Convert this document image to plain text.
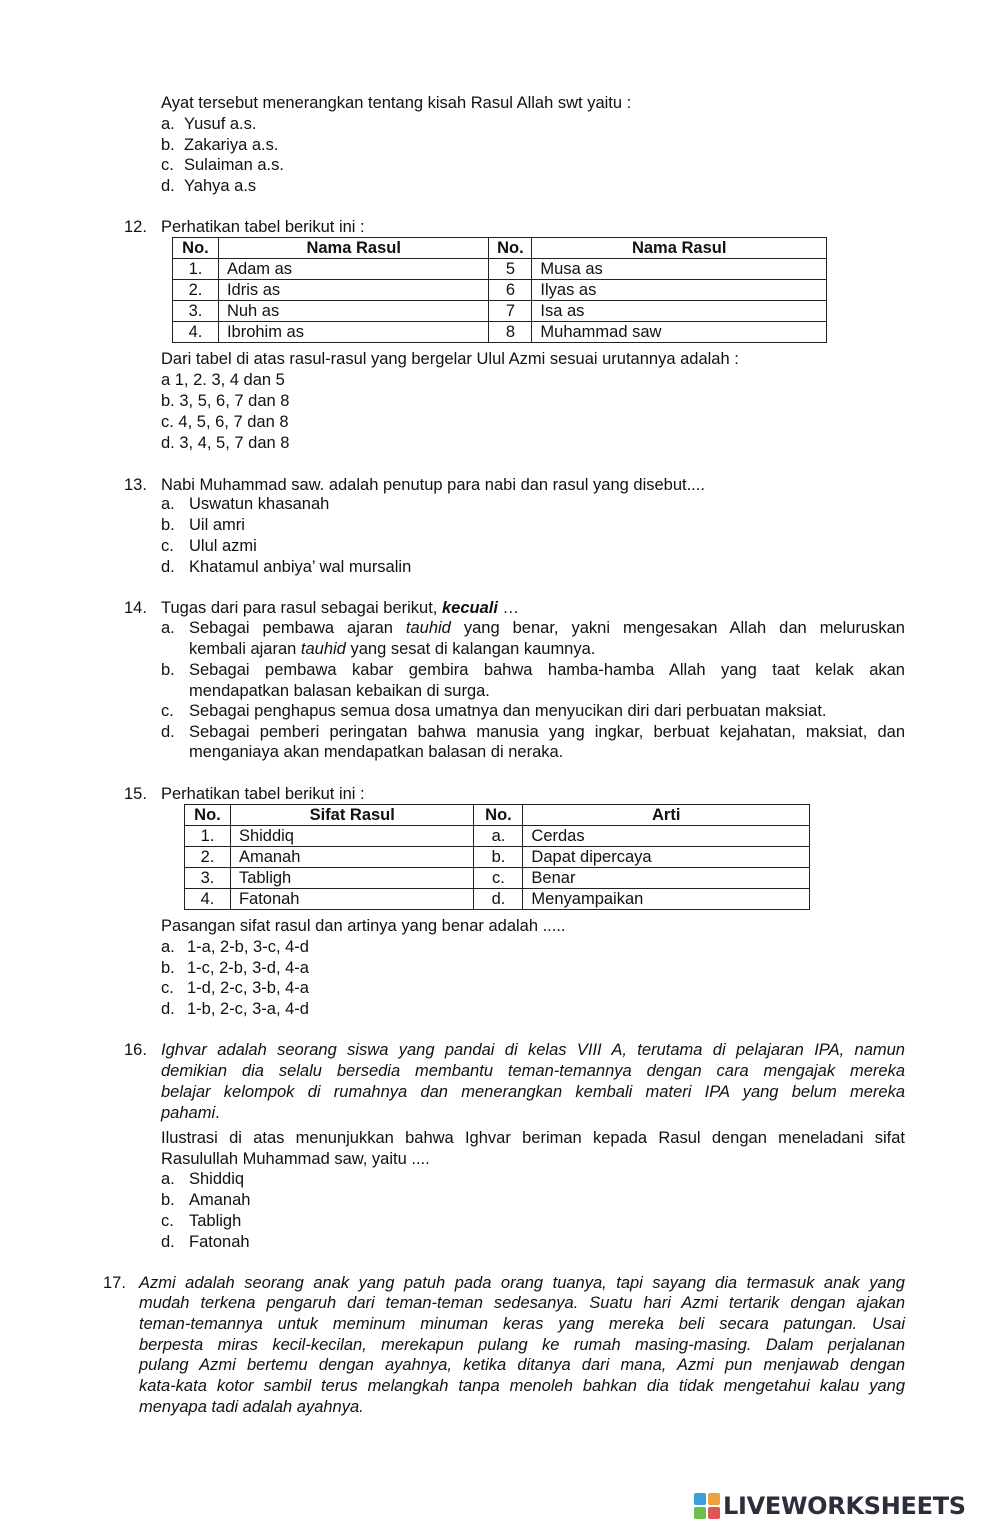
Ayat tersebut menerangkan tentang kisah Rasul Allah swt yaitu :
a. Yusuf a.s.
b. Zakariya a.s.
c. Sulaiman a.s.
d. Yahya a.s
12. Perhatikan tabel berikut ini :
No.	Nama Rasul	No.	Nama Rasul
1.	Adam as	5	Musa as
2.	Idris as	6	Ilyas as
3.	Nuh as	7	Isa as
4.	Ibrohim as	8	Muhammad saw
Dari tabel di atas rasul-rasul yang bergelar Ulul Azmi sesuai urutannya adalah :
a 1, 2. 3, 4 dan 5
b. 3, 5, 6, 7 dan 8
c. 4, 5, 6, 7 dan 8
d. 3, 4, 5, 7 dan 8
13. Nabi Muhammad saw. adalah penutup para nabi dan rasul yang disebut....
a. Uswatun khasanah
b. Uil amri
c. Ulul azmi
d. Khatamul anbiya’ wal mursalin
14. Tugas dari para rasul sebagai berikut, kecuali …
a. Sebagai pembawa ajaran tauhid yang benar, yakni mengesakan Allah dan meluruskan
kembali ajaran tauhid yang sesat di kalangan kaumnya.
b. Sebagai pembawa kabar gembira bahwa hamba-hamba Allah yang taat kelak akan
mendapatkan balasan kebaikan di surga.
c. Sebagai penghapus semua dosa umatnya dan menyucikan diri dari perbuatan maksiat.
d. Sebagai pemberi peringatan bahwa manusia yang ingkar, berbuat kejahatan, maksiat, dan
menganiaya akan mendapatkan balasan di neraka.
15. Perhatikan tabel berikut ini :
No.	Sifat Rasul	No.	Arti
1.	Shiddiq	a.	Cerdas
2.	Amanah	b.	Dapat dipercaya
3.	Tabligh	c.	Benar
4.	Fatonah	d.	Menyampaikan
Pasangan sifat rasul dan artinya yang benar adalah .....
a. 1-a, 2-b, 3-c, 4-d
b. 1-c, 2-b, 3-d, 4-a
c. 1-d, 2-c, 3-b, 4-a
d. 1-b, 2-c, 3-a, 4-d
16. Ighvar adalah seorang siswa yang pandai di kelas VIII A, terutama di pelajaran IPA, namun
demikian dia selalu bersedia membantu teman-temannya dengan cara mengajak mereka
belajar kelompok di rumahnya dan menerangkan kembali materi IPA yang belum mereka
pahami.
Ilustrasi di atas menunjukkan bahwa Ighvar beriman kepada Rasul dengan meneladani sifat
Rasulullah Muhammad saw, yaitu ....
a. Shiddiq
b. Amanah
c. Tabligh
d. Fatonah
17. Azmi adalah seorang anak yang patuh pada orang tuanya, tapi sayang dia termasuk anak yang
mudah terkena pengaruh dari teman-teman sedesanya. Suatu hari Azmi tertarik dengan ajakan
teman-temannya untuk meminum minuman keras yang mereka beli secara patungan. Usai
berpesta miras kecil-kecilan, merekapun pulang ke rumah masing-masing. Dalam perjalanan
pulang Azmi bertemu dengan ayahnya, ketika ditanya dari mana, Azmi pun menjawab dengan
kata-kata kotor sambil terus melangkah tanpa menoleh bahkan dia tidak mengetahui kalau yang
menyapa tadi adalah ayahnya.
LIVEWORKSHEETS
